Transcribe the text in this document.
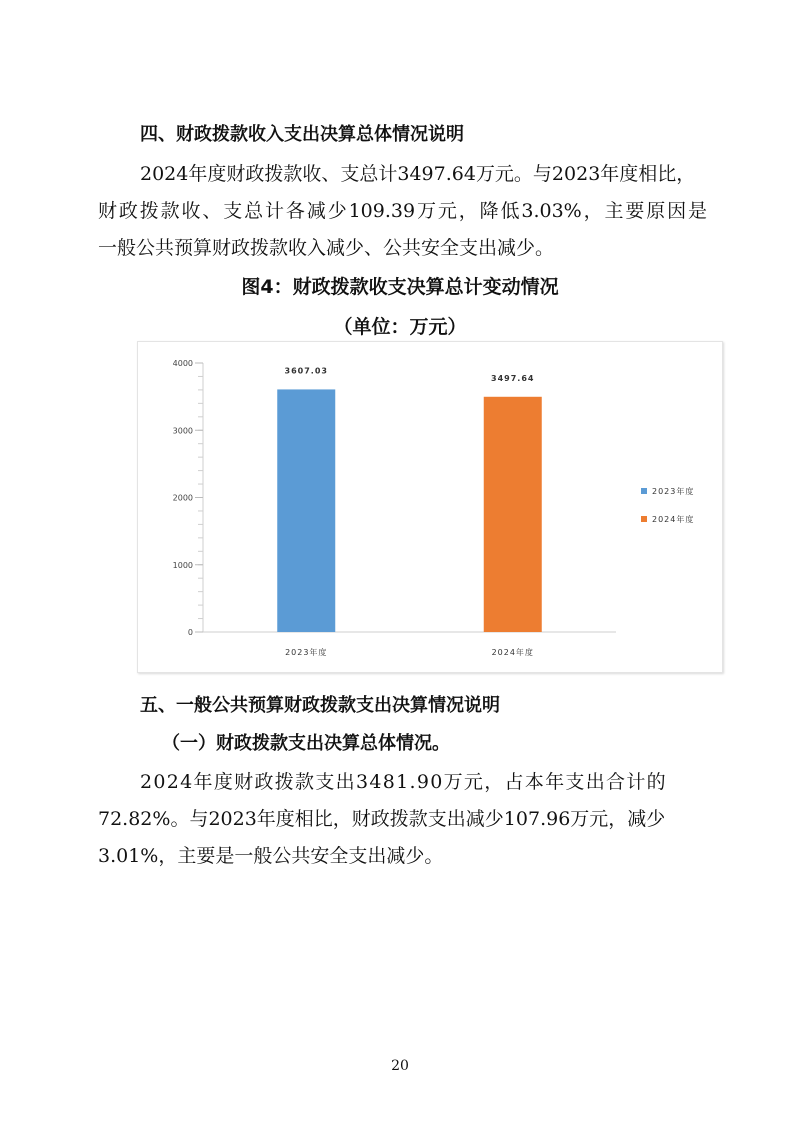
四、财政拨款收入支出决算总体情况说明
2024年度财政拨款收、支总计3497.64万元。与2023年度相比，
财政拨款收、支总计各减少109.39万元，降低3.03%，主要原因是
一般公共预算财政拨款收入减少、公共安全支出减少。
图4：财政拨款收支决算总计变动情况
（单位：万元）
0
1000
2000
3000
4000
3607.03
2023年度
3497.64
2024年度
2023年度
2024年度
五、一般公共预算财政拨款支出决算情况说明
（一）财政拨款支出决算总体情况。
2024年度财政拨款支出3481.90万元，占本年支出合计的
72.82%。与2023年度相比，财政拨款支出减少107.96万元，减少
3.01%，主要是一般公共安全支出减少。
20
